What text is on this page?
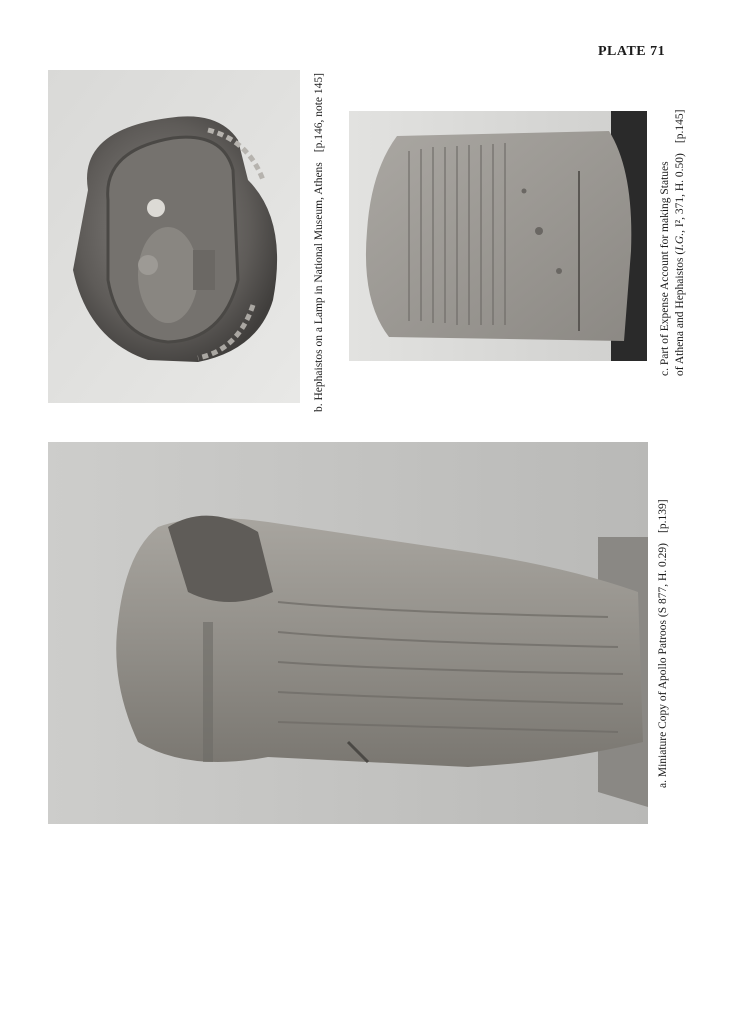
PLATE 71
b. Hephaistos on a Lamp in National Museum, Athens[p.146, note 145]
c. Part of Expense Account for making Statues of Athena and Hephaistos (I.G., I², 371, H. 0.50)[p.145]
a. Miniature Copy of Apollo Patroos (S 877, H. 0.29)[p.139]
